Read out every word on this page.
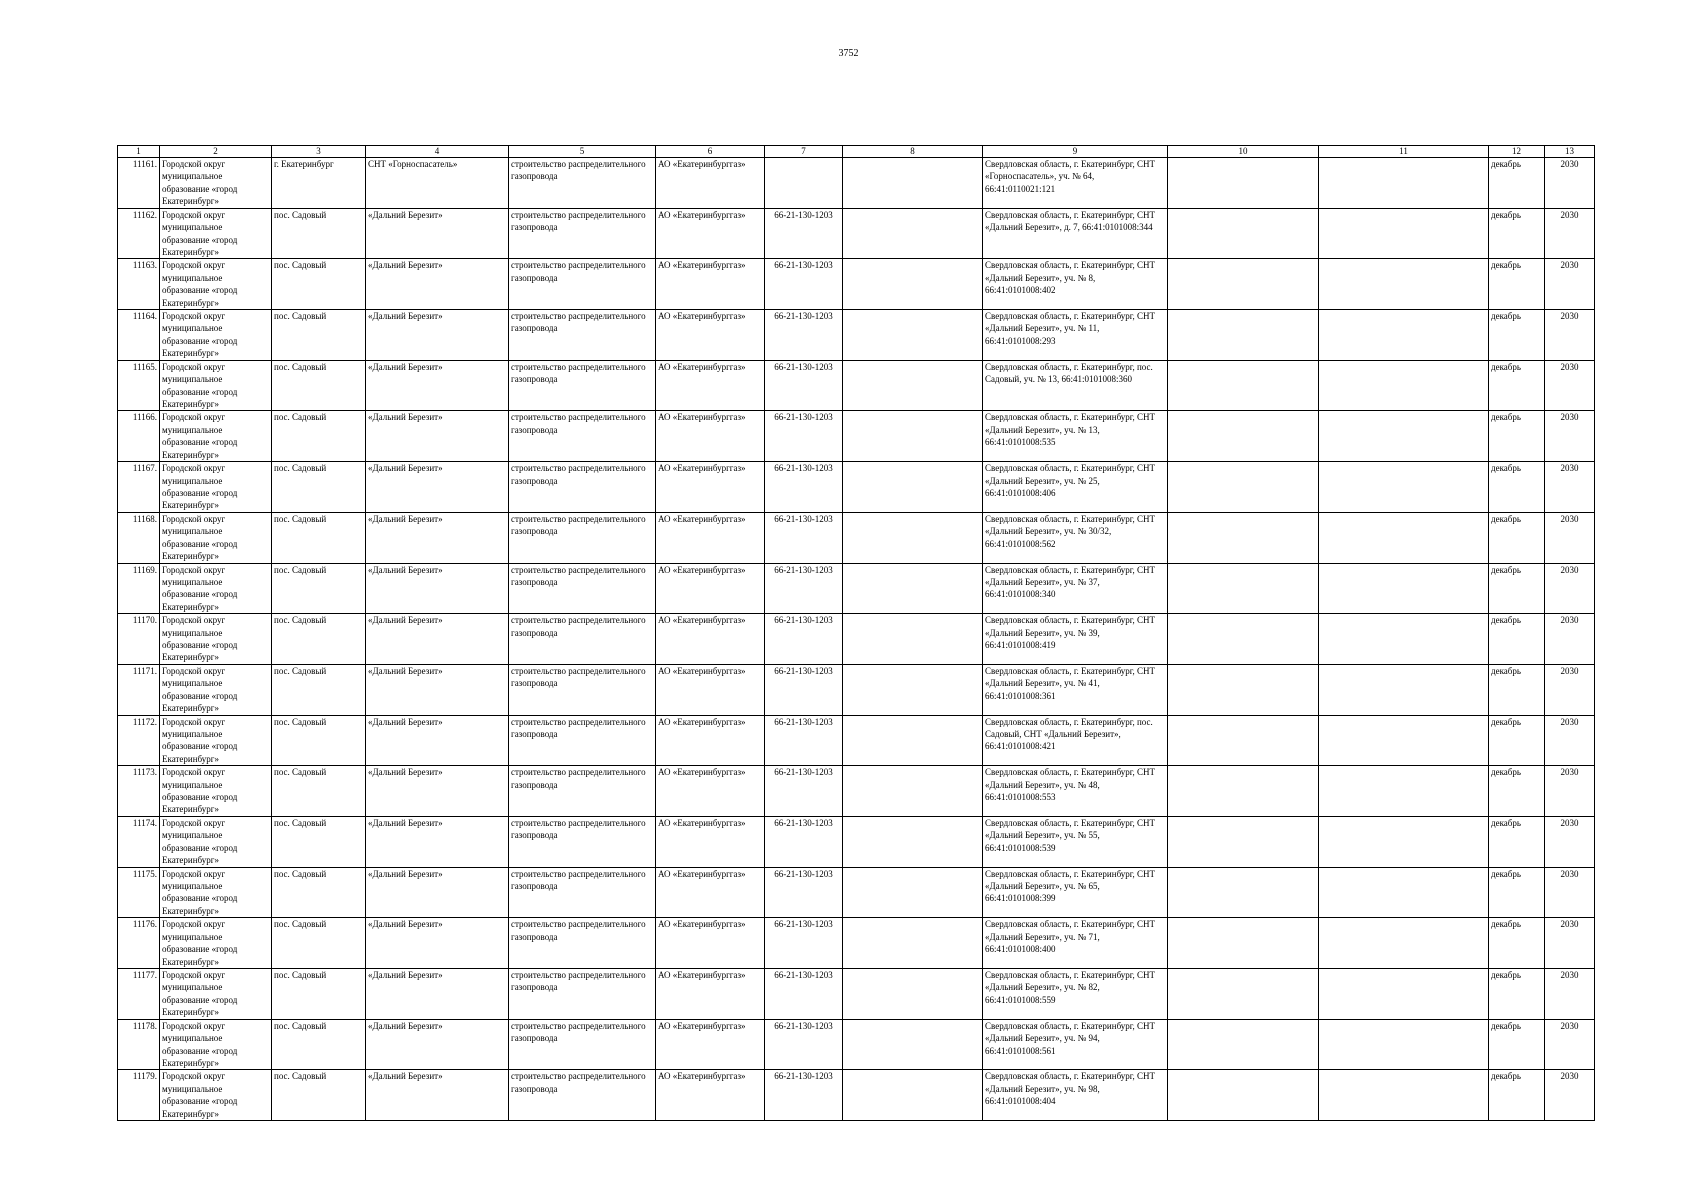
3752
1	2	3	4	5	6	7	8	9	10	11	12	13
11161.	Городской округ муниципальное образование «город Екатеринбург»	г. Екатеринбург	СНТ «Горноспасатель»	строительство распределительного газопровода	АО «Екатеринбурггаз»			Свердловская область, г. Екатеринбург, СНТ «Горноспасатель», уч. № 64, 66:41:0110021:121			декабрь	2030
11162.	Городской округ муниципальное образование «город Екатеринбург»	пос. Садовый	«Дальний Березит»	строительство распределительного газопровода	АО «Екатеринбурггаз»	66-21-130-1203		Свердловская область, г. Екатеринбург, СНТ «Дальний Березит», д. 7, 66:41:0101008:344			декабрь	2030
11163.	Городской округ муниципальное образование «город Екатеринбург»	пос. Садовый	«Дальний Березит»	строительство распределительного газопровода	АО «Екатеринбурггаз»	66-21-130-1203		Свердловская область, г. Екатеринбург, СНТ «Дальний Березит», уч. № 8, 66:41:0101008:402			декабрь	2030
11164.	Городской округ муниципальное образование «город Екатеринбург»	пос. Садовый	«Дальний Березит»	строительство распределительного газопровода	АО «Екатеринбурггаз»	66-21-130-1203		Свердловская область, г. Екатеринбург, СНТ «Дальний Березит», уч. № 11, 66:41:0101008:293			декабрь	2030
11165.	Городской округ муниципальное образование «город Екатеринбург»	пос. Садовый	«Дальний Березит»	строительство распределительного газопровода	АО «Екатеринбурггаз»	66-21-130-1203		Свердловская область, г. Екатеринбург, пос. Садовый, уч. № 13, 66:41:0101008:360			декабрь	2030
11166.	Городской округ муниципальное образование «город Екатеринбург»	пос. Садовый	«Дальний Березит»	строительство распределительного газопровода	АО «Екатеринбурггаз»	66-21-130-1203		Свердловская область, г. Екатеринбург, СНТ «Дальний Березит», уч. № 13, 66:41:0101008:535			декабрь	2030
11167.	Городской округ муниципальное образование «город Екатеринбург»	пос. Садовый	«Дальний Березит»	строительство распределительного газопровода	АО «Екатеринбурггаз»	66-21-130-1203		Свердловская область, г. Екатеринбург, СНТ «Дальний Березит», уч. № 25, 66:41:0101008:406			декабрь	2030
11168.	Городской округ муниципальное образование «город Екатеринбург»	пос. Садовый	«Дальний Березит»	строительство распределительного газопровода	АО «Екатеринбурггаз»	66-21-130-1203		Свердловская область, г. Екатеринбург, СНТ «Дальний Березит», уч. № 30/32, 66:41:0101008:562			декабрь	2030
11169.	Городской округ муниципальное образование «город Екатеринбург»	пос. Садовый	«Дальний Березит»	строительство распределительного газопровода	АО «Екатеринбурггаз»	66-21-130-1203		Свердловская область, г. Екатеринбург, СНТ «Дальний Березит», уч. № 37, 66:41:0101008:340			декабрь	2030
11170.	Городской округ муниципальное образование «город Екатеринбург»	пос. Садовый	«Дальний Березит»	строительство распределительного газопровода	АО «Екатеринбурггаз»	66-21-130-1203		Свердловская область, г. Екатеринбург, СНТ «Дальний Березит», уч. № 39, 66:41:0101008:419			декабрь	2030
11171.	Городской округ муниципальное образование «город Екатеринбург»	пос. Садовый	«Дальний Березит»	строительство распределительного газопровода	АО «Екатеринбурггаз»	66-21-130-1203		Свердловская область, г. Екатеринбург, СНТ «Дальний Березит», уч. № 41, 66:41:0101008:361			декабрь	2030
11172.	Городской округ муниципальное образование «город Екатеринбург»	пос. Садовый	«Дальний Березит»	строительство распределительного газопровода	АО «Екатеринбурггаз»	66-21-130-1203		Свердловская область, г. Екатеринбург, пос. Садовый, СНТ «Дальний Березит», 66:41:0101008:421			декабрь	2030
11173.	Городской округ муниципальное образование «город Екатеринбург»	пос. Садовый	«Дальний Березит»	строительство распределительного газопровода	АО «Екатеринбурггаз»	66-21-130-1203		Свердловская область, г. Екатеринбург, СНТ «Дальний Березит», уч. № 48, 66:41:0101008:553			декабрь	2030
11174.	Городской округ муниципальное образование «город Екатеринбург»	пос. Садовый	«Дальний Березит»	строительство распределительного газопровода	АО «Екатеринбурггаз»	66-21-130-1203		Свердловская область, г. Екатеринбург, СНТ «Дальний Березит», уч. № 55, 66:41:0101008:539			декабрь	2030
11175.	Городской округ муниципальное образование «город Екатеринбург»	пос. Садовый	«Дальний Березит»	строительство распределительного газопровода	АО «Екатеринбурггаз»	66-21-130-1203		Свердловская область, г. Екатеринбург, СНТ «Дальний Березит», уч. № 65, 66:41:0101008:399			декабрь	2030
11176.	Городской округ муниципальное образование «город Екатеринбург»	пос. Садовый	«Дальний Березит»	строительство распределительного газопровода	АО «Екатеринбурггаз»	66-21-130-1203		Свердловская область, г. Екатеринбург, СНТ «Дальний Березит», уч. № 71, 66:41:0101008:400			декабрь	2030
11177.	Городской округ муниципальное образование «город Екатеринбург»	пос. Садовый	«Дальний Березит»	строительство распределительного газопровода	АО «Екатеринбурггаз»	66-21-130-1203		Свердловская область, г. Екатеринбург, СНТ «Дальний Березит», уч. № 82, 66:41:0101008:559			декабрь	2030
11178.	Городской округ муниципальное образование «город Екатеринбург»	пос. Садовый	«Дальний Березит»	строительство распределительного газопровода	АО «Екатеринбурггаз»	66-21-130-1203		Свердловская область, г. Екатеринбург, СНТ «Дальний Березит», уч. № 94, 66:41:0101008:561			декабрь	2030
11179.	Городской округ муниципальное образование «город Екатеринбург»	пос. Садовый	«Дальний Березит»	строительство распределительного газопровода	АО «Екатеринбурггаз»	66-21-130-1203		Свердловская область, г. Екатеринбург, СНТ «Дальний Березит», уч. № 98, 66:41:0101008:404			декабрь	2030
